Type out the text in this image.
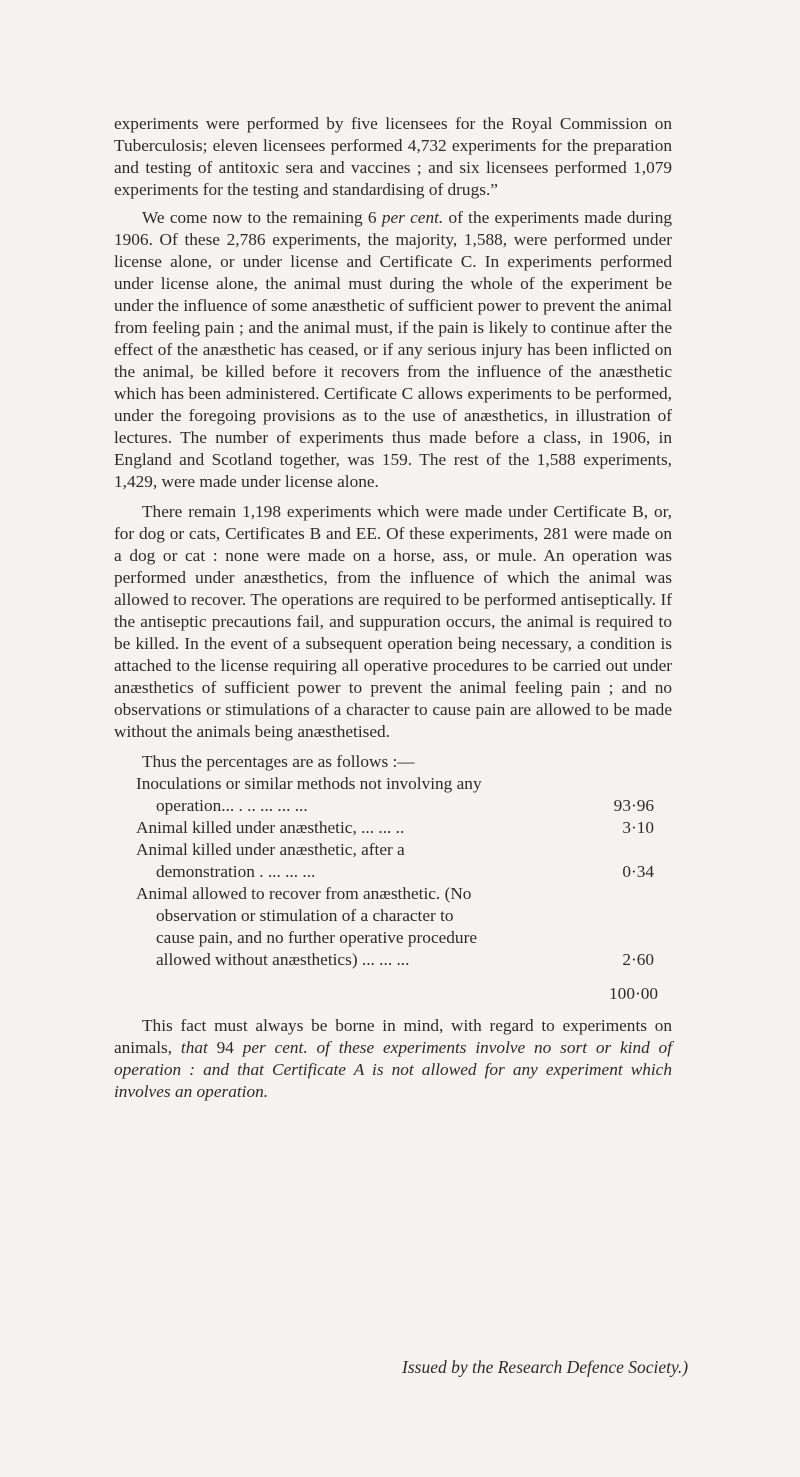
experiments were performed by five licensees for the Royal Commission on Tuberculosis; eleven licensees performed 4,732 experiments for the preparation and testing of antitoxic sera and vaccines ; and six licensees performed 1,079 experiments for the testing and standardising of drugs.”

We come now to the remaining 6 per cent. of the experiments made during 1906. Of these 2,786 experiments, the majority, 1,588, were performed under license alone, or under license and Certificate C. In experiments performed under license alone, the animal must during the whole of the experiment be under the influence of some anæsthetic of sufficient power to prevent the animal from feeling pain ; and the animal must, if the pain is likely to continue after the effect of the anæsthetic has ceased, or if any serious injury has been inflicted on the animal, be killed before it recovers from the influence of the anæsthetic which has been administered. Certificate C allows experiments to be performed, under the foregoing provisions as to the use of anæsthetics, in illustration of lectures. The number of experiments thus made before a class, in 1906, in England and Scotland together, was 159. The rest of the 1,588 experiments, 1,429, were made under license alone.

There remain 1,198 experiments which were made under Certificate B, or, for dog or cats, Certificates B and EE. Of these experiments, 281 were made on a dog or cat : none were made on a horse, ass, or mule. An operation was performed under anæsthetics, from the influence of which the animal was allowed to recover. The operations are required to be performed antiseptically. If the antiseptic precautions fail, and suppuration occurs, the animal is required to be killed. In the event of a subsequent operation being necessary, a condition is attached to the license requiring all operative procedures to be carried out under anæsthetics of sufficient power to prevent the animal feeling pain ; and no observations or stimulations of a character to cause pain are allowed to be made without the animals being anæsthetised.

Thus the percentages are as follows :—

Inoculations or similar methods not involving any
operation... . .. ... ... ...	93·96
Animal killed under anæsthetic, ... ... ..	3·10
Animal killed under anæsthetic, after a
demonstration . ... ... ...	0·34
Animal allowed to recover from anæsthetic. (No
observation or stimulation of a character to
cause pain, and no further operative procedure
allowed without anæsthetics) ... ... ...	2·60
100·00

This fact must always be borne in mind, with regard to experiments on animals, that 94 per cent. of these experiments involve no sort or kind of operation : and that Certificate A is not allowed for any experiment which involves an operation.

Issued by the Research Defence Society.)
